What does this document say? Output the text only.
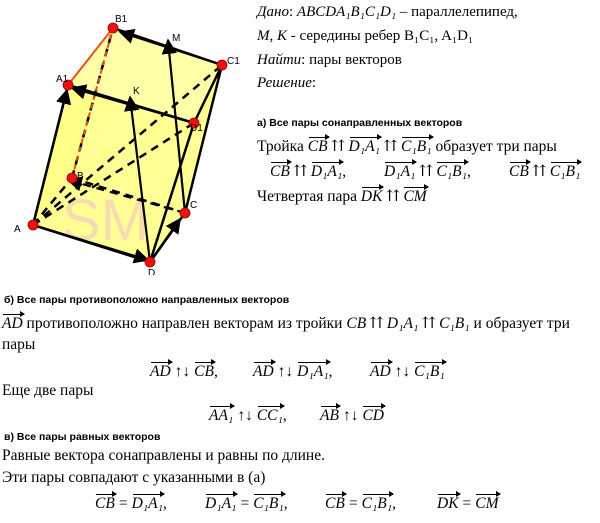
SM
A
B
C
D
A1
B1
C1
D1
M
K
Дано: ABCDA₁B₁C₁D₁ – параллелепипед,
M, K - середины ребер B₁C₁, A₁D₁
Найти: пары векторов
Решение:
а) Все пары сонаправленных векторов
Тройка CB ⇈ D₁A₁ ⇈ C₁B₁ образует три пары
CB ⇈ D₁A₁, D₁A₁ ⇈ C₁B₁, CB ⇈ C₁B₁
Четвертая пара DK ⇈ CM
б) Все пары противоположно направленных векторов
AD противоположно направлен векторам из тройки CB ⇈ D₁A₁ ⇈ C₁B₁ и образует три
пары
AD ↑↓ CB, AD ↑↓ D₁A₁, AD ↑↓ C₁B₁
Еще две пары
AA₁ ↑↓ CC₁, AB ↑↓ CD
в) Все пары равных векторов
Равные вектора сонаправлены и равны по длине.
Эти пары совпадают с указанными в (а)
CB = D₁A₁, D₁A₁ = C₁B₁, CB = C₁B₁,	DK = CM
